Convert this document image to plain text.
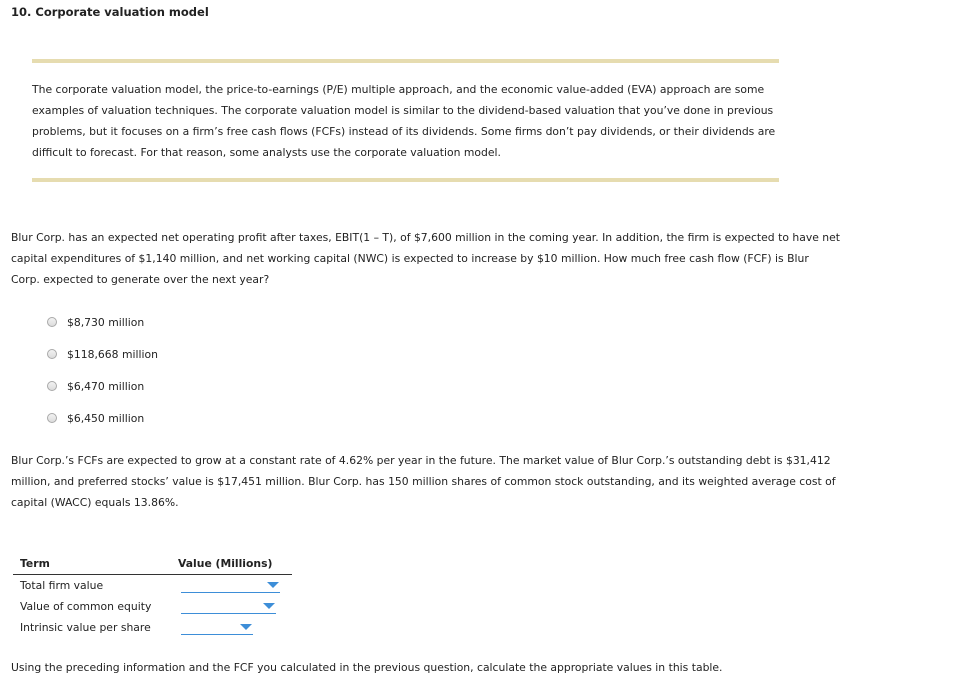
10. Corporate valuation model
The corporate valuation model, the price-to-earnings (P/E) multiple approach, and the economic value-added (EVA) approach are some examples of valuation techniques. The corporate valuation model is similar to the dividend-based valuation that you’ve done in previous problems, but it focuses on a firm’s free cash flows (FCFs) instead of its dividends. Some firms don’t pay dividends, or their dividends are difficult to forecast. For that reason, some analysts use the corporate valuation model.
Blur Corp. has an expected net operating profit after taxes, EBIT(1 – T), of $7,600 million in the coming year. In addition, the firm is expected to have net capital expenditures of $1,140 million, and net working capital (NWC) is expected to increase by $10 million. How much free cash flow (FCF) is Blur Corp. expected to generate over the next year?
$8,730 million
$118,668 million
$6,470 million
$6,450 million
Blur Corp.’s FCFs are expected to grow at a constant rate of 4.62% per year in the future. The market value of Blur Corp.’s outstanding debt is $31,412 million, and preferred stocks’ value is $17,451 million. Blur Corp. has 150 million shares of common stock outstanding, and its weighted average cost of capital (WACC) equals 13.86%.
Term	Value (Millions)
Total firm value
Value of common equity
Intrinsic value per share
Using the preceding information and the FCF you calculated in the previous question, calculate the appropriate values in this table.
